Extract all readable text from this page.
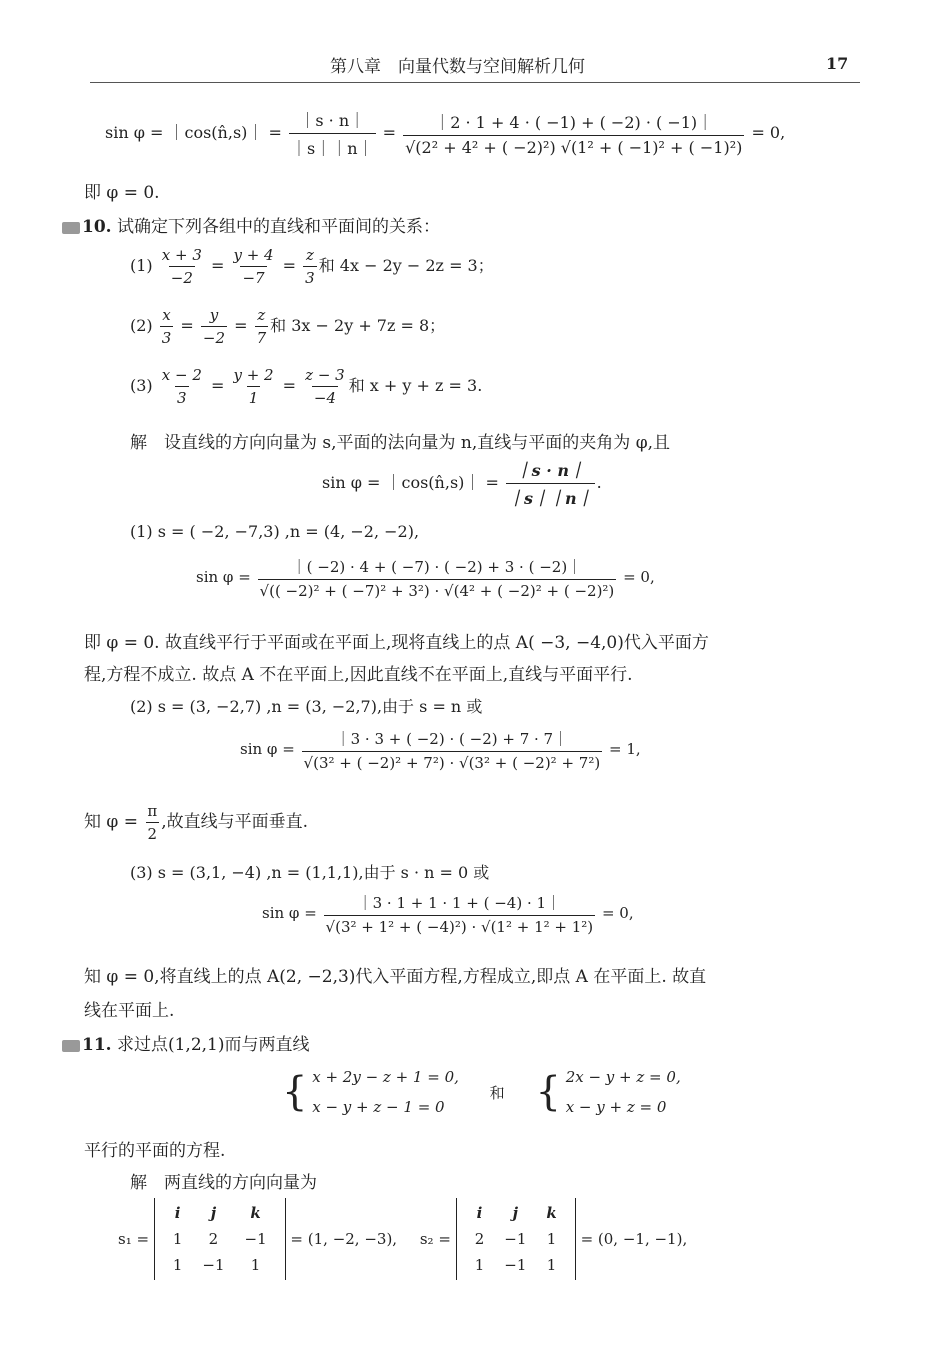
第八章　向量代数与空间解析几何	17
sin φ = ｜cos(n̂,s)｜ = $\frac{|s \cdot n|}{|s||n|} = \frac{|2 \cdot 1 + 4 \cdot ( -1) + ( -2) \cdot ( -1)|}{\text{√(2² + 4² + ( −2)²) √(1² + ( −1)² + ( −1)²)}} = 0$,
即 φ = 0.
10. 试确定下列各组中的直线和平面间的关系：
$(1) \frac{x + 3}{-2} = \frac{y + 4}{-7} = \frac{z}{3}$ 和 4x − 2y − 2z = 3；
$(2) \frac{x}{3} = \frac{y}{-2} = \frac{z}{7}$ 和 3x − 2y + 7z = 8；
$(3) \frac{x - 2}{3} = \frac{y + 2}{1} = \frac{z - 3}{-4}$ 和 x + y + z = 3.
解　设直线的方向向量为 s,平面的法向量为 n,直线与平面的夹角为 φ,且
sin φ = ｜cos(n̂,s)｜ = $\frac{|s \cdot n|}{|s||n|}$ .
(1) s = ( −2, −7,3) ,n = (4, −2, −2),
$\sin \varphi = \frac{|( -2) \cdot 4 + ( -7) \cdot ( -2) + 3 \cdot ( -2)|}{\text{√(( −2)² + ( −7)² + 3²) · √(4² + ( −2)² + ( −2)²)}} = 0$,
即 φ = 0. 故直线平行于平面或在平面上,现将直线上的点 A( −3, −4,0)代入平面方
程,方程不成立. 故点 A 不在平面上,因此直线不在平面上,直线与平面平行.
(2) s = (3, −2,7) ,n = (3, −2,7),由于 s = n 或
$\sin \varphi = \frac{|3 \cdot 3 + ( -2) \cdot ( -2) + 7 \cdot 7|}{\text{√(3² + ( −2)² + 7²) · √(3² + ( −2)² + 7²)}} = 1$,
知 $\varphi = \frac{\pi}{2}$ ,故直线与平面垂直.
(3) s = (3,1, −4) ,n = (1,1,1),由于 s · n = 0 或
$\sin \varphi = \frac{|3 \cdot 1 + 1 \cdot 1 + ( -4) \cdot 1|}{\text{√(3² + 1² + ( −4)²) · √(1² + 1² + 1²)}} = 0$,
知 φ = 0,将直线上的点 A(2, −2,3)代入平面方程,方程成立,即点 A 在平面上. 故直
线在平面上.
11. 求过点(1,2,1)而与两直线
{ x + 2y − z + 1 = 0,
x − y + z − 1 = 0 和 { 2x − y + z = 0,
x − y + z = 0
平行的平面的方程.
解　两直线的方向向量为
s₁ =
i	j	k
1	2	−1
1	−1	1
= (1, −2, −3), s₂ =
i	j	k
2	−1	1
1	−1	1
= (0, −1, −1),
